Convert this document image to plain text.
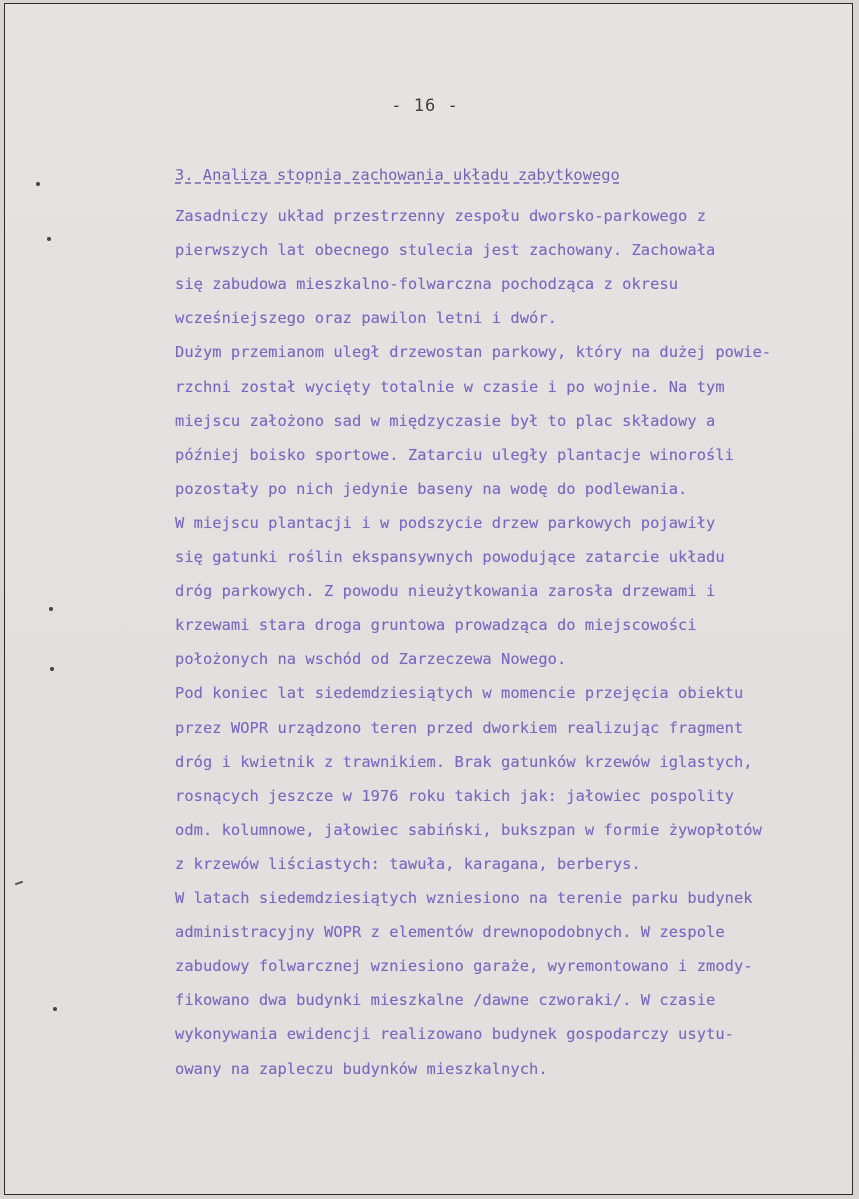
- 16 -
3. Analiza stopnia zachowania układu zabytkowego
Zasadniczy układ przestrzenny zespołu dworsko-parkowego z
pierwszych lat obecnego stulecia jest zachowany. Zachowała
się zabudowa mieszkalno-folwarczna pochodząca z okresu
wcześniejszego oraz pawilon letni i dwór.
Dużym przemianom uległ drzewostan parkowy, który na dużej powie-
rzchni został wycięty totalnie w czasie i po wojnie. Na tym
miejscu założono sad w międzyczasie był to plac składowy a
później boisko sportowe. Zatarciu uległy plantacje winorośli
pozostały po nich jedynie baseny na wodę do podlewania.
W miejscu plantacji i w podszycie drzew parkowych pojawiły
się gatunki roślin ekspansywnych powodujące zatarcie układu
dróg parkowych. Z powodu nieużytkowania zarosła drzewami i
krzewami stara droga gruntowa prowadząca do miejscowości
położonych na wschód od Zarzeczewa Nowego.
Pod koniec lat siedemdziesiątych w momencie przejęcia obiektu
przez WOPR urządzono teren przed dworkiem realizując fragment
dróg i kwietnik z trawnikiem. Brak gatunków krzewów iglastych,
rosnących jeszcze w 1976 roku takich jak: jałowiec pospolity
odm. kolumnowe, jałowiec sabiński, bukszpan w formie żywopłotów
z krzewów liściastych: tawuła, karagana, berberys.
W latach siedemdziesiątych wzniesiono na terenie parku budynek
administracyjny WOPR z elementów drewnopodobnych. W zespole
zabudowy folwarcznej wzniesiono garaże, wyremontowano i zmody-
fikowano dwa budynki mieszkalne /dawne czworaki/. W czasie
wykonywania ewidencji realizowano budynek gospodarczy usytu-
owany na zapleczu budynków mieszkalnych.
